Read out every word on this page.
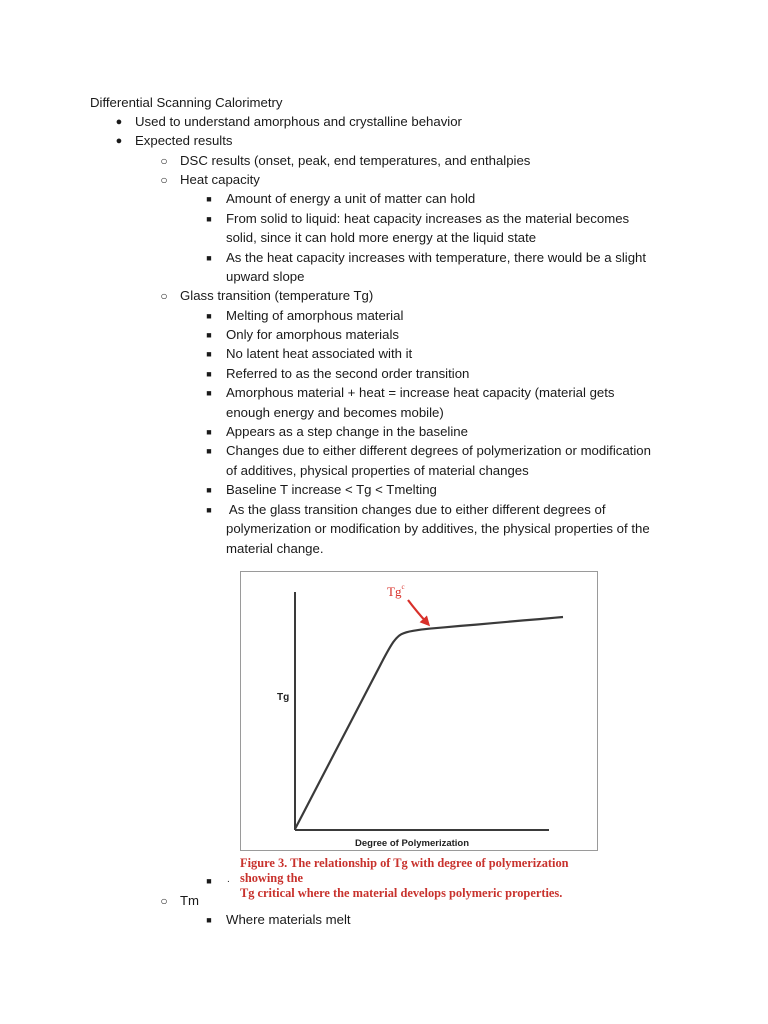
Differential Scanning Calorimetry
● Used to understand amorphous and crystalline behavior
● Expected results
○ DSC results (onset, peak, end temperatures, and enthalpies
○ Heat capacity
■	Amount of energy a unit of matter can hold
■	From solid to liquid: heat capacity increases as the material becomes
solid, since it can hold more energy at the liquid state
■	As the heat capacity increases with temperature, there would be a slight
upward slope
○ Glass transition (temperature Tg)
■	Melting of amorphous material
■	Only for amorphous materials
■	No latent heat associated with it
■	Referred to as the second order transition
■	Amorphous material + heat = increase heat capacity (material gets
enough energy and becomes mobile)
■	Appears as a step change in the baseline
■	Changes due to either different degrees of polymerization or modification
of additives, physical properties of material changes
■	Baseline T increase < Tg < Tmelting
■	As the glass transition changes due to either different degrees of
polymerization or modification by additives, the physical properties of the
material change.
Tg
Degree of Polymerization
Tg$^c$
Figure 3. The relationship of Tg with degree of polymerization showing the
Tg critical where the material develops polymeric properties.
■	.
○ Tm
■	Where materials melt
